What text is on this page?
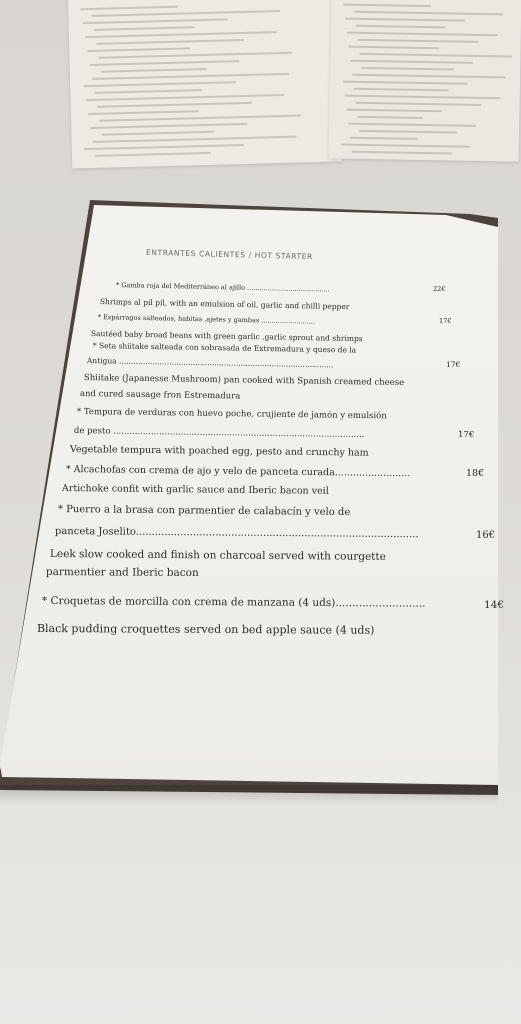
ENTRANTES CALIENTES / HOT STARTER
* Gamba roja del Mediterráneo al ajillo ........................................	22€
Shrimps al pil pil, with an emulsion of oil, garlic and chilli pepper
* Espárragos salteados, habitas ,ajetes y gambas ..........................	17€
Sautéed baby broad beans with green garlic ,garlic sprout and shrimps
* Seta shiitake salteada con sobrasada de Extremadura y queso de la
Antigua ..........................................................................................	17€
Shiitake (Japanesse Mushroom) pan cooked with Spanish creamed cheese
and cured sausage fron Estremadura
* Tempura de verduras con huevo poche, crujiente de jamón y emulsión
de pesto .............................................................................................	17€
Vegetable tempura with poached egg, pesto and crunchy ham
* Alcachofas con crema de ajo y velo de panceta curada.........................	18€
Artichoke confit with garlic sauce and Iberic bacon veil
* Puerro a la brasa con parmentier de calabacín y velo de
panceta Joselito.........................................................................................	16€
Leek slow cooked and finish on charcoal served with courgette
parmentier and Iberic bacon
* Croquetas de morcilla con crema de manzana (4 uds)...........................	14€
Black pudding croquettes served on bed apple sauce (4 uds)
